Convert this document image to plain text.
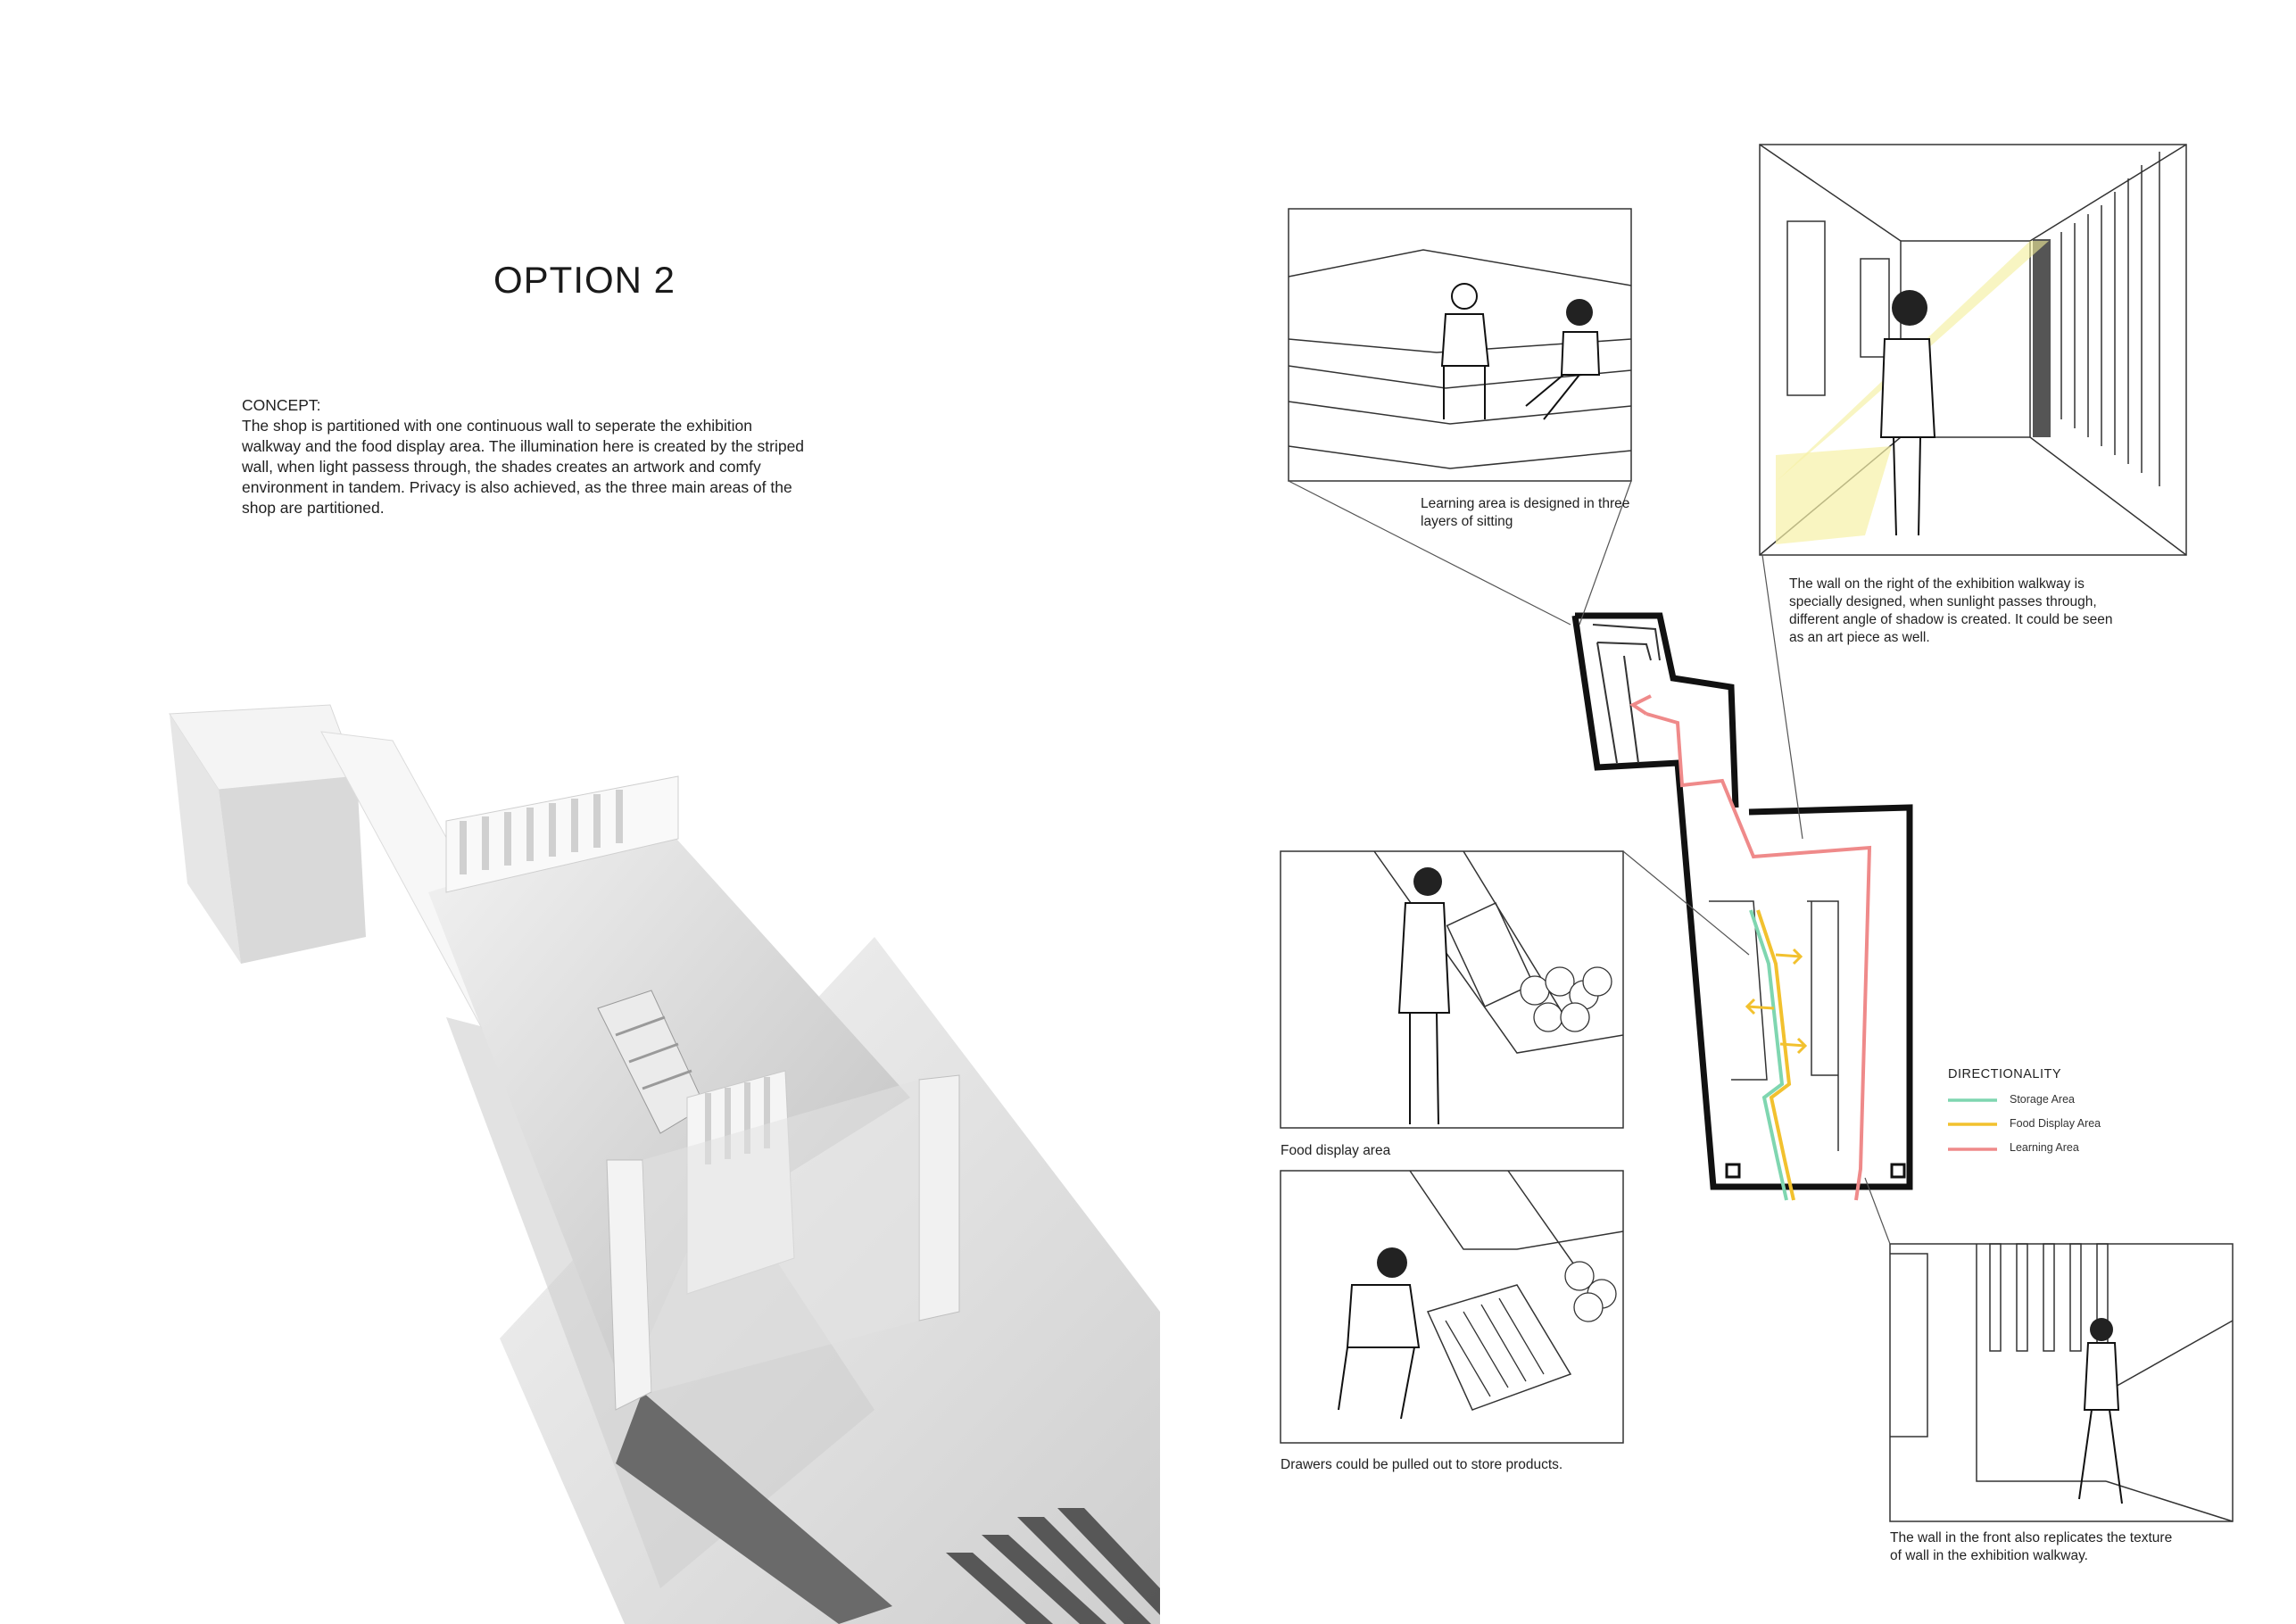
OPTION 2
CONCEPT:
The shop is partitioned with one continuous wall to seperate the exhibition
walkway and the food display area. The illumination here is created by the striped
wall, when light passess through, the shades creates an artwork and comfy
environment in tandem. Privacy is also achieved, as the three main areas of the
shop are partitioned.	Learning area is designed in three
layers of sitting
The wall on the right of the exhibition walkway is
specially designed, when sunlight passes through,
different angle of shadow is created. It could be seen
as an art piece as well.
Food display area
Drawers could be pulled out to store products.
The wall in the front also replicates the texture
of wall in the exhibition walkway.
DIRECTIONALITY
Storage Area
Food Display Area
Learning Area
